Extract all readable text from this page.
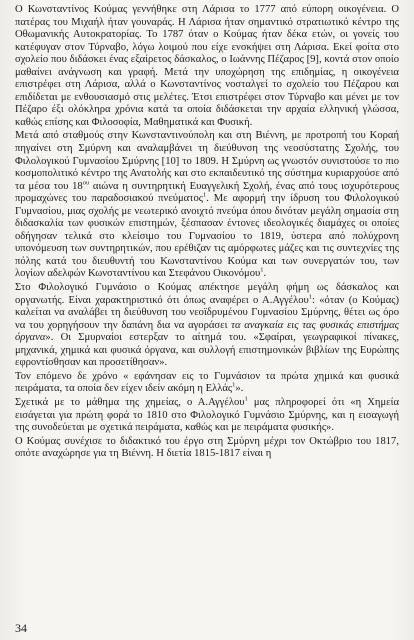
Ο Κωνσταντίνος Κούμας γεννήθηκε στη Λάρισα το 1777 από εύπορη οικογένεια. Ο πατέρας του Μιχαήλ ήταν γουναράς. Η Λάρισα ήταν σημαντικό στρατιωτικό κέντρο της Οθωμανικής Αυτοκρατορίας. Το 1787 όταν ο Κούμας ήταν δέκα ετών, οι γονείς του κατέφυγαν στον Τύρναβο, λόγω λοιμού που είχε ενσκήψει στη Λάρισα. Εκεί φοίτα στο σχολείο που διδάσκει ένας εξαίρετος δάσκαλος, ο Ιωάννης Πέζαρος [9], κοντά στον οποίο μαθαίνει ανάγνωση και γραφή. Μετά την υποχώρηση της επιδημίας, η οικογένεια επιστρέφει στη Λάρισα, αλλά ο Κωνσταντίνος νοσταλγεί το σχολείο του Πέζαρου και επιδίδεται με ενθουσιασμό στις μελέτες. Έτσι επιστρέφει στον Τύρναβο και μένει με τον Πέζαρο έξι ολόκληρα χρόνια κατά τα οποία διδάσκεται την αρχαία ελληνική γλώσσα, καθώς επίσης και Φιλοσοφία, Μαθηματικά και Φυσική.

Μετά από σταθμούς στην Κωνσταντινούπολη και στη Βιέννη, με προτροπή του Κοραή πηγαίνει στη Σμύρνη και αναλαμβάνει τη διεύθυνση της νεοσύστατης Σχολής, του Φιλολογικού Γυμνασίου Σμύρνης [10] το 1809. Η Σμύρνη ως γνωστόν συνιστούσε το πιο κοσμοπολιτικό κέντρο της Ανατολής και στο εκπαιδευτικό της σύστημα κυριαρχούσε από τα μέσα του $18^{o\upsilon}$ αιώνα η συντηρητική Ευαγγελική Σχολή, ένας από τους ισχυρότερους προμαχώνες του παραδοσιακού πνεύματος$^1$. Με αφορμή την ίδρυση του Φιλολογικού Γυμνασίου, μιας σχολής με νεωτερικό ανοιχτό πνεύμα όπου δινόταν μεγάλη σημασία στη διδασκαλία των φυσικών επιστημών, ξέσπασαν έντονες ιδεολογικές διαμάχες οι οποίες οδήγησαν τελικά στο κλείσιμο του Γυμνασίου το 1819, ύστερα από πολύχρονη υπονόμευση των συντηρητικών, που ερέθιζαν τις αμόρφωτες μάζες και τις συντεχνίες της πόλης κατά του διευθυντή του Κωνσταντίνου Κούμα και των συνεργατών του, των λογίων αδελφών Κωνσταντίνου και Στεφάνου Οικονόμου$^1$.

Στο Φιλολογικό Γυμνάσιο ο Κούμας απέκτησε μεγάλη φήμη ως δάσκαλος και οργανωτής. Είναι χαρακτηριστικό ότι όπως αναφέρει ο Α.Αγγέλου$^1$: «όταν (ο Κούμας) καλείται να αναλάβει τη διεύθυνση του νεοϊδρυμένου Γυμνασίου Σμύρνης, θέτει ως όρο να του χορηγήσουν την δαπάνη δια να αγοράσει τα αναγκαία εις τας φυσικάς επιστήμας όργανα». Οι Σμυρναίοι εστερξαν το αίτημά του. «Σφαίραι, γεωγραφικοί πίνακες, μηχανικά, χημικά και φυσικά όργανα, και συλλογή επιστημονικών βιβλίων της Ευρώπης εφροντίσθησαν και προσετίθησαν».

Τον επόμενο δε χρόνο « εφάνησαν εις το Γυμνάσιον τα πρώτα χημικά και φυσικά πειράματα, τα οποία δεν είχεν ιδείν ακόμη η Ελλάς$^1$».

Σχετικά με το μάθημα της χημείας, ο Α.Αγγέλου$^1$ μας πληροφορεί ότι «η Χημεία εισάγεται για πρώτη φορά το 1810 στο Φιλολογικό Γυμνάσιο Σμύρνης, και η εισαγωγή της συνοδεύεται με σχετικά πειράματα, καθώς και με πειράματα φυσικής».

Ο Κούμας συνέχισε το διδακτικό του έργο στη Σμύρνη μέχρι τον Οκτώβριο του 1817, οπότε αναχώρησε για τη Βιέννη. Η διετία 1815-1817 είναι η

34
